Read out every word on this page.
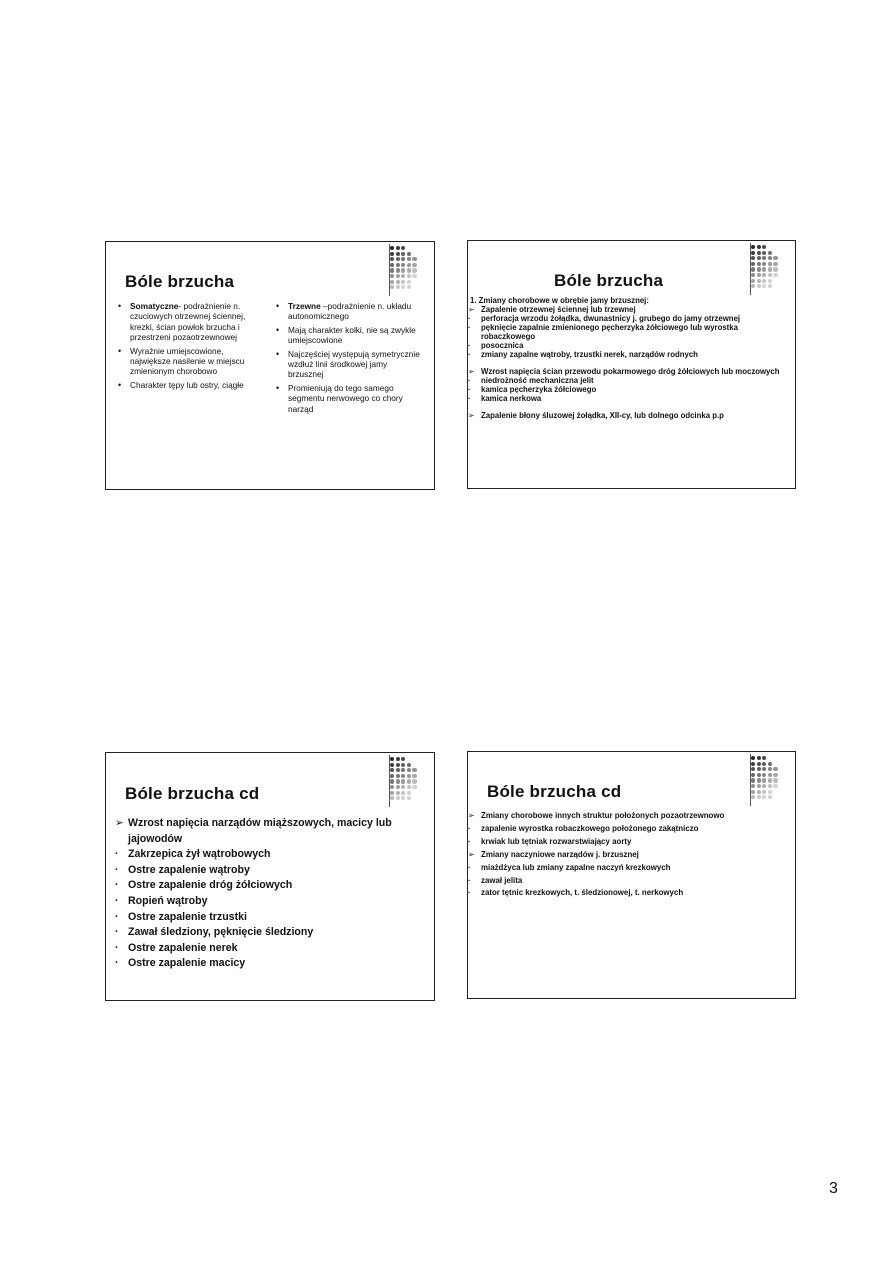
Bóle brzucha
• Somatyczne- podrażnienie n. czuciowych otrzewnej ściennej, krezki, ścian powłok brzucha i przestrzeni pozaotrzewnowej
• Wyraźnie umiejscowione, największe nasilenie w miejscu zmienionym chorobowo
• Charakter tępy lub ostry, ciągłe
• Trzewne –podrażnienie n. układu autonomicznego
• Mają charakter kolki, nie są zwykle umiejscowione
• Najczęściej występują symetrycznie wzdłuż linii środkowej jamy brzusznej
• Promieniują do tego samego segmentu nerwowego co chory narząd
Bóle brzucha
1. Zmiany chorobowe w obrębie jamy brzusznej:
➢ Zapalenie otrzewnej ściennej lub trzewnej
· perforacja wrzodu żołądka, dwunastnicy j. grubego do jamy otrzewnej
· pęknięcie zapalnie zmienionego pęcherzyka żółciowego lub wyrostka robaczkowego
· posocznica
· zmiany zapalne wątroby, trzustki nerek, narządów rodnych
➢ Wzrost napięcia ścian przewodu pokarmowego dróg żółciowych lub moczowych
· niedrożność mechaniczna jelit
· kamica pęcherzyka żółciowego
· kamica nerkowa
➢ Zapalenie błony śluzowej żołądka, XII-cy, lub dolnego odcinka p.p
Bóle brzucha cd
➢ Wzrost napięcia narządów miąższowych, macicy lub jajowodów
· Zakrzepica żył wątrobowych
· Ostre zapalenie wątroby
· Ostre zapalenie dróg żółciowych
· Ropień wątroby
· Ostre zapalenie trzustki
· Zawał śledziony, pęknięcie śledziony
· Ostre zapalenie nerek
· Ostre zapalenie macicy
Bóle brzucha cd
➢ Zmiany chorobowe innych struktur położonych pozaotrzewnowo
· zapalenie wyrostka robaczkowego położonego zakątniczo
· krwiak lub tętniak rozwarstwiający aorty
➢ Zmiany naczyniowe narządów j. brzusznej
· miażdżyca lub zmiany zapalne naczyń krezkowych
· zawał jelita
· zator tętnic krezkowych, t. śledzionowej, t. nerkowych
3
